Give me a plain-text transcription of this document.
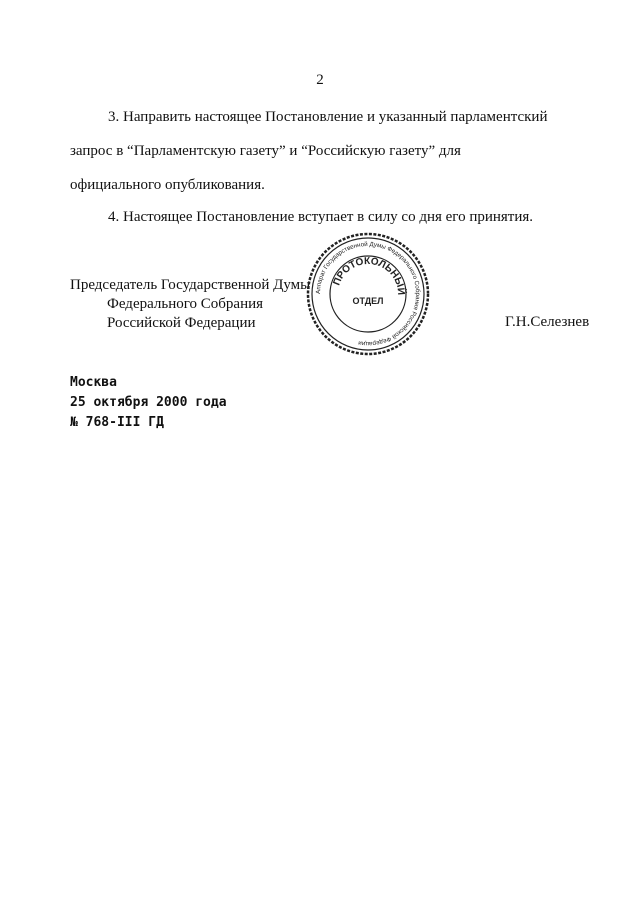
2
3. Направить настоящее Постановление и указанный парламентский
запрос в “Парламентскую газету” и “Российскую газету” для
официального опубликования.
4. Настоящее Постановление вступает в силу со дня его принятия.
Председатель Государственной Думы
Федерального Собрания
Российской Федерации
Аппарат Государственной Думы Федерального Собрания Российской Федерации
ПРОТОКОЛЬНЫЙ
ОТДЕЛ
Г.Н.Селезнев
Москва
25 октября 2000 года
№ 768-III ГД
